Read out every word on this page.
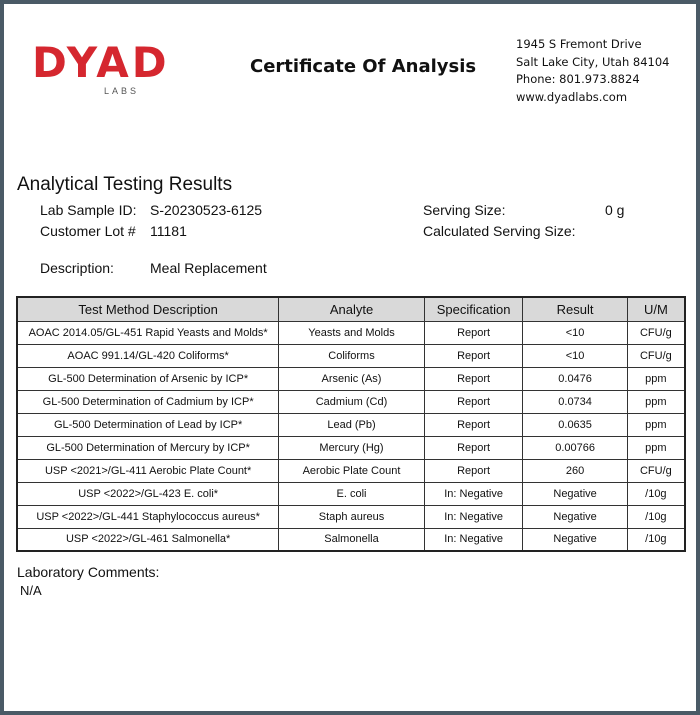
DYAD
LABS
Certificate Of Analysis
1945 S Fremont Drive
Salt Lake City, Utah 84104
Phone: 801.973.8824
www.dyadlabs.com
Analytical Testing Results
Lab Sample ID: S-20230523-6125
Customer Lot # 11181
Description:	Meal Replacement
Serving Size:	0 g
Calculated Serving Size:
Test Method Description	Analyte	Specification	Result	U/M
AOAC 2014.05/GL-451 Rapid Yeasts and Molds*	Yeasts and Molds	Report	<10	CFU/g
AOAC 991.14/GL-420 Coliforms*	Coliforms	Report	<10	CFU/g
GL-500 Determination of Arsenic by ICP*	Arsenic (As)	Report	0.0476	ppm
GL-500 Determination of Cadmium by ICP*	Cadmium (Cd)	Report	0.0734	ppm
GL-500 Determination of Lead by ICP*	Lead (Pb)	Report	0.0635	ppm
GL-500 Determination of Mercury by ICP*	Mercury (Hg)	Report	0.00766	ppm
USP <2021>/GL-411 Aerobic Plate Count*	Aerobic Plate Count	Report	260	CFU/g
USP <2022>/GL-423 E. coli*	E. coli	In: Negative	Negative	/10g
USP <2022>/GL-441 Staphylococcus aureus*	Staph aureus	In: Negative	Negative	/10g
USP <2022>/GL-461 Salmonella*	Salmonella	In: Negative	Negative	/10g
Laboratory Comments:
N/A
